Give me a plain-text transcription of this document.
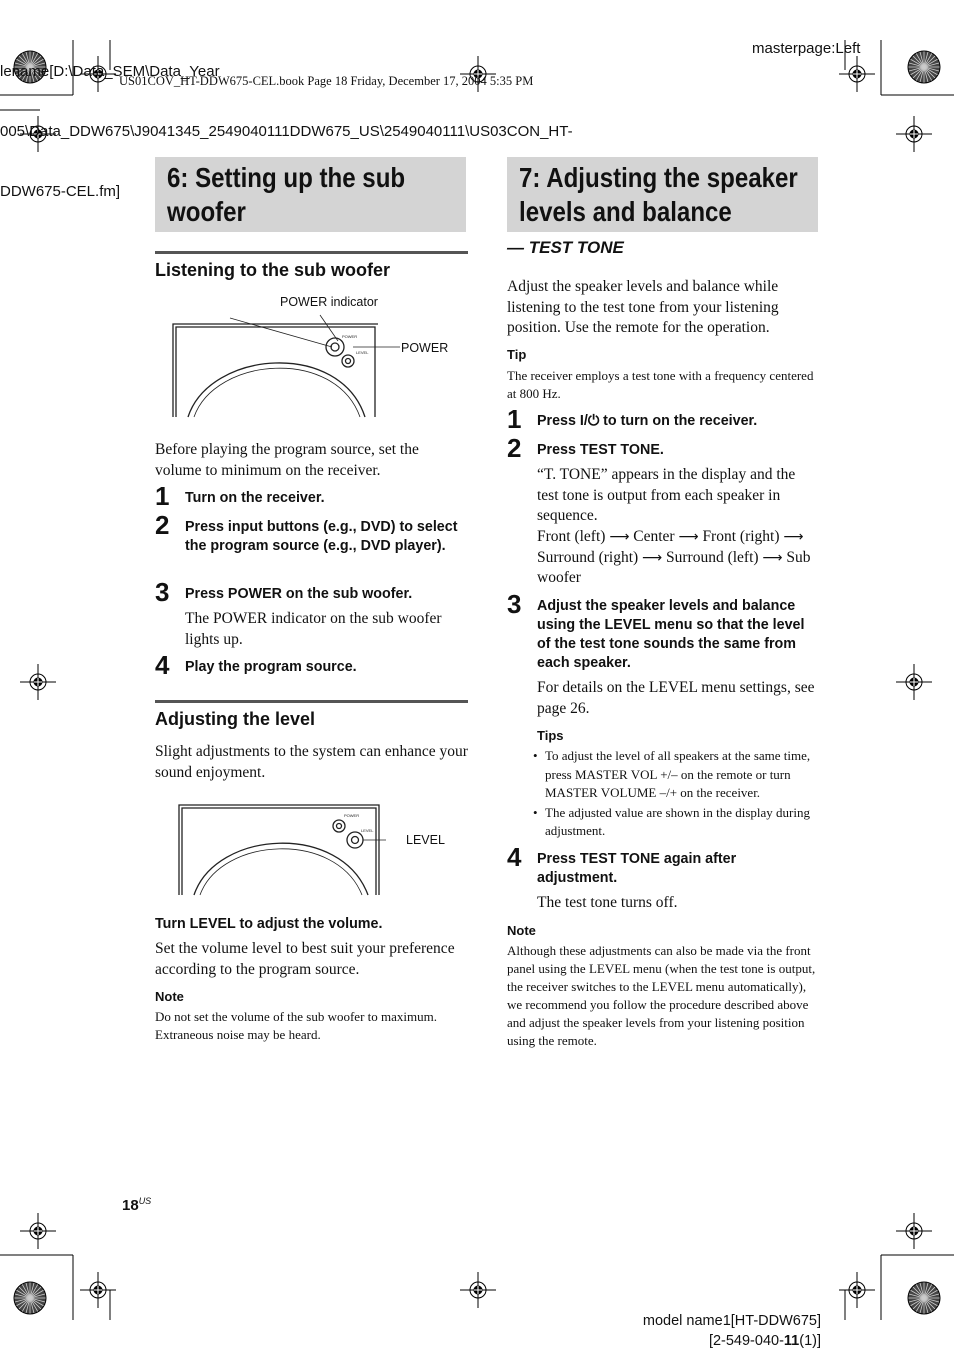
lename[D:\Data_SEM\Data_Year

005\Data_DDW675\J9041345_2549040111DDW675_US\2549040111\US03CON_HT-

DDW675-CEL.fm]

US01COV_HT-DDW675-CEL.book Page 18 Friday, December 17, 2004 5:35 PM
masterpage:Left
6: Setting up the sub woofer
Listening to the sub woofer
POWER indicator
POWER
POWER
LEVEL
Before playing the program source, set the volume to minimum on the receiver.
1 Turn on the receiver.
2 Press input buttons (e.g., DVD) to select the program source (e.g., DVD player).
3 Press POWER on the sub woofer.
The POWER indicator on the sub woofer lights up.
4 Play the program source.
Adjusting the level
Slight adjustments to the system can enhance your sound enjoyment.
POWER
LEVEL
LEVEL
Turn LEVEL to adjust the volume.
Set the volume level to best suit your preference according to the program source.
Note
Do not set the volume of the sub woofer to maximum. Extraneous noise may be heard.
7: Adjusting the speaker levels and balance
— TEST TONE
Adjust the speaker levels and balance while listening to the test tone from your listening position. Use the remote for the operation.
Tip
The receiver employs a test tone with a frequency centered at 800 Hz.
1 Press I/⏻ to turn on the receiver.
2 Press TEST TONE.
“T. TONE” appears in the display and the test tone is output from each speaker in sequence.
Front (left) ⟶ Center ⟶ Front (right) ⟶ Surround (right) ⟶ Surround (left) ⟶ Sub woofer
3 Adjust the speaker levels and balance using the LEVEL menu so that the level of the test tone sounds the same from each speaker.
For details on the LEVEL menu settings, see page 26.
Tips
• To adjust the level of all speakers at the same time, press MASTER VOL +/– on the remote or turn MASTER VOLUME –/+ on the receiver.
• The adjusted value are shown in the display during adjustment.
4 Press TEST TONE again after adjustment.
The test tone turns off.
Note
Although these adjustments can also be made via the front panel using the LEVEL menu (when the test tone is output, the receiver switches to the LEVEL menu automatically), we recommend you follow the procedure described above and adjust the speaker levels from your listening position using the remote.
$18^{US}$
model name1[HT-DDW675]
[2-549-040-11(1)]
